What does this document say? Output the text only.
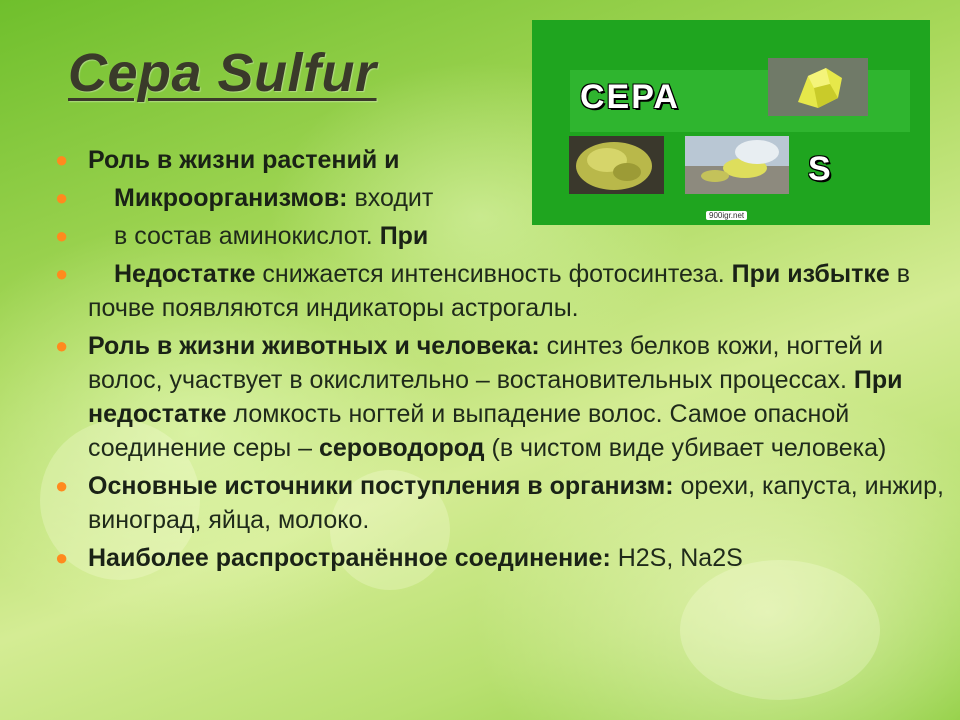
Сера Sulfur	CEPA
S
900igr.net
● Роль в жизни растений и
● Микроорганизмов: входит
● в состав аминокислот. При
● Недостатке снижается интенсивность фотосинтеза. При избытке в почве появляются индикаторы астрогалы.
● Роль в жизни животных и человека: синтез белков кожи, ногтей и волос, участвует в окислительно – востановительных процессах. При недостатке ломкость ногтей и выпадение волос. Самое опасной соединение серы – сероводород (в чистом виде убивает человека)
● Основные источники поступления в организм: орехи, капуста, инжир, виноград, яйца, молоко.
● Наиболее распространённое соединение: H2S, Na2S
